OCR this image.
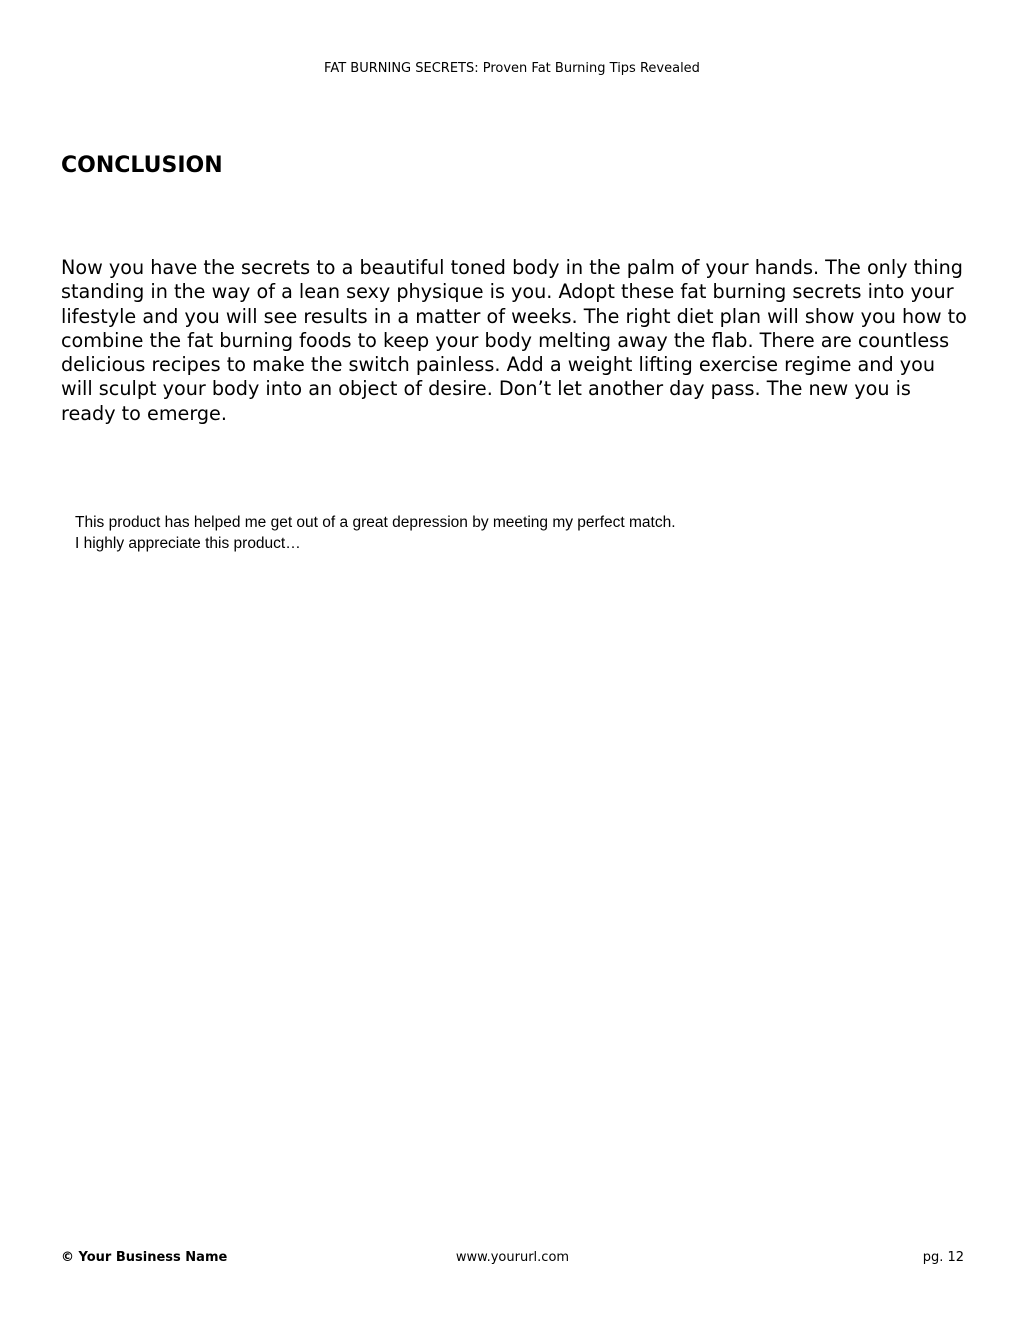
FAT BURNING SECRETS: Proven Fat Burning Tips Revealed
CONCLUSION

Now you have the secrets to a beautiful toned body in the palm of your hands. The only thing standing in the way of a lean sexy physique is you. Adopt these fat burning secrets into your lifestyle and you will see results in a matter of weeks. The right diet plan will show you how to combine the fat burning foods to keep your body melting away the flab. There are countless delicious recipes to make the switch painless. Add a weight lifting exercise regime and you will sculpt your body into an object of desire. Don’t let another day pass. The new you is ready to emerge.

This product has helped me get out of a great depression by meeting my perfect match.
I highly appreciate this product…
www.yoururl.com
© Your Business Name	pg. 12
